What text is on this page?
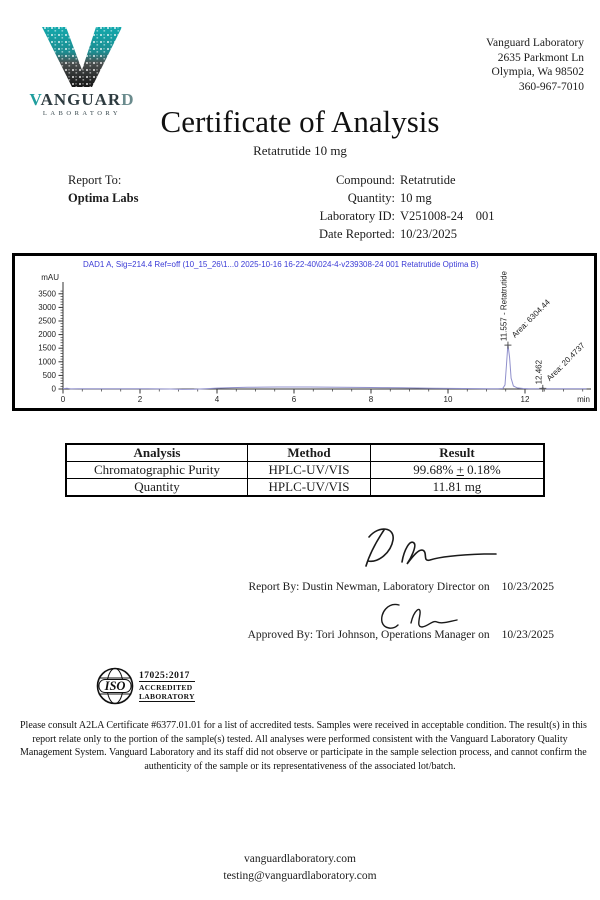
VANGUARD
LABORATORY
Vanguard Laboratory
2635 Parkmont Ln
Olympia, Wa 98502
360-967-7010
Certificate of Analysis
Retatrutide 10 mg
Report To:
Optima Labs
Compound: Retatrutide
Quantity: 10 mg
Laboratory ID: V251008-24    001
Date Reported: 10/23/2025
DAD1 A, Sig=214.4 Ref=off (10_15_26\1...0 2025-10-16 16-22-40\024-4-v239308-24 001 Retatrutide Optima B)
mAU
min
0
500
1000
1500
2000
2500
3000
3500
0	2	4	6	8	10	12
11.557 - Retatrutide Area: 6304.44
12.462 Area: 20.4737
Analysis	Method	Result
Chromatographic Purity	HPLC-UV/VIS	99.68% + 0.18%
Quantity	HPLC-UV/VIS	11.81 mg
Report By: Dustin Newman, Laboratory Director on 10/23/2025
Approved By: Tori Johnson, Operations Manager on 10/23/2025
ISO
17025:2017
ACCREDITED
LABORATORY
Please consult A2LA Certificate #6377.01.01 for a list of accredited tests. Samples were received in acceptable condition. The result(s) in this
report relate only to the portion of the sample(s) tested. All analyses were performed consistent with the Vanguard Laboratory Quality
Management System. Vanguard Laboratory and its staff did not observe or participate in the sample selection process, and cannot confirm the
authenticity of the sample or its representativeness of the associated lot/batch.
vanguardlaboratory.com
testing@vanguardlaboratory.com
